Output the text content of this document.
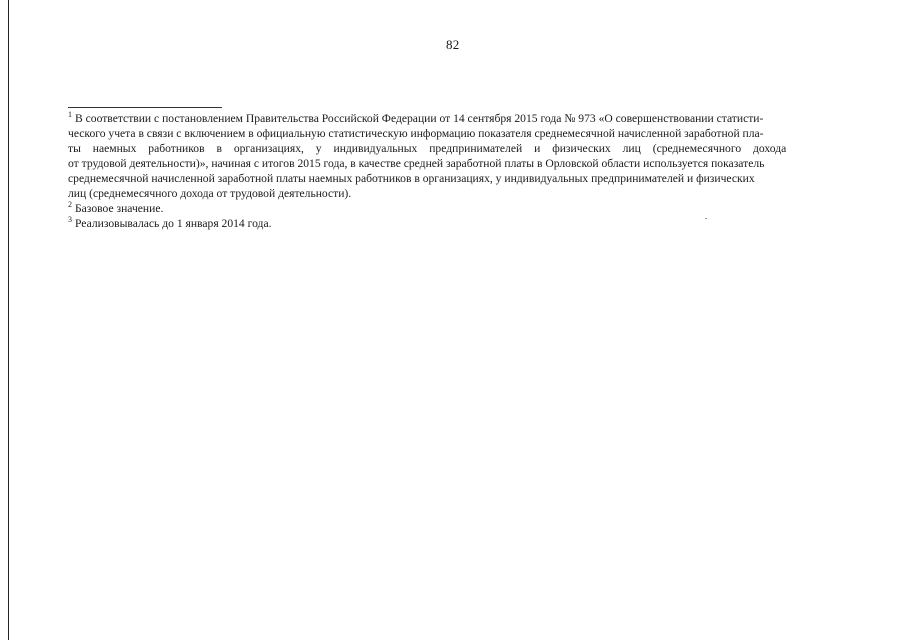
82

$^1$ В соответствии с постановлением Правительства Российской Федерации от 14 сентября 2015 года № 973 «О совершенствовании статисти-
ческого учета в связи с включением в официальную статистическую информацию показателя среднемесячной начисленной заработной пла-
ты наемных работников в организациях, у индивидуальных предпринимателей и физических лиц (среднемесячного дохода
от трудовой деятельности)», начиная с итогов 2015 года, в качестве средней заработной платы в Орловской области используется показатель
среднемесячной начисленной заработной платы наемных работников в организациях, у индивидуальных предпринимателей и физических
лиц (среднемесячного дохода от трудовой деятельности).

$^2$ Базовое значение.

$^3$ Реализовывалась до 1 января 2014 года.
